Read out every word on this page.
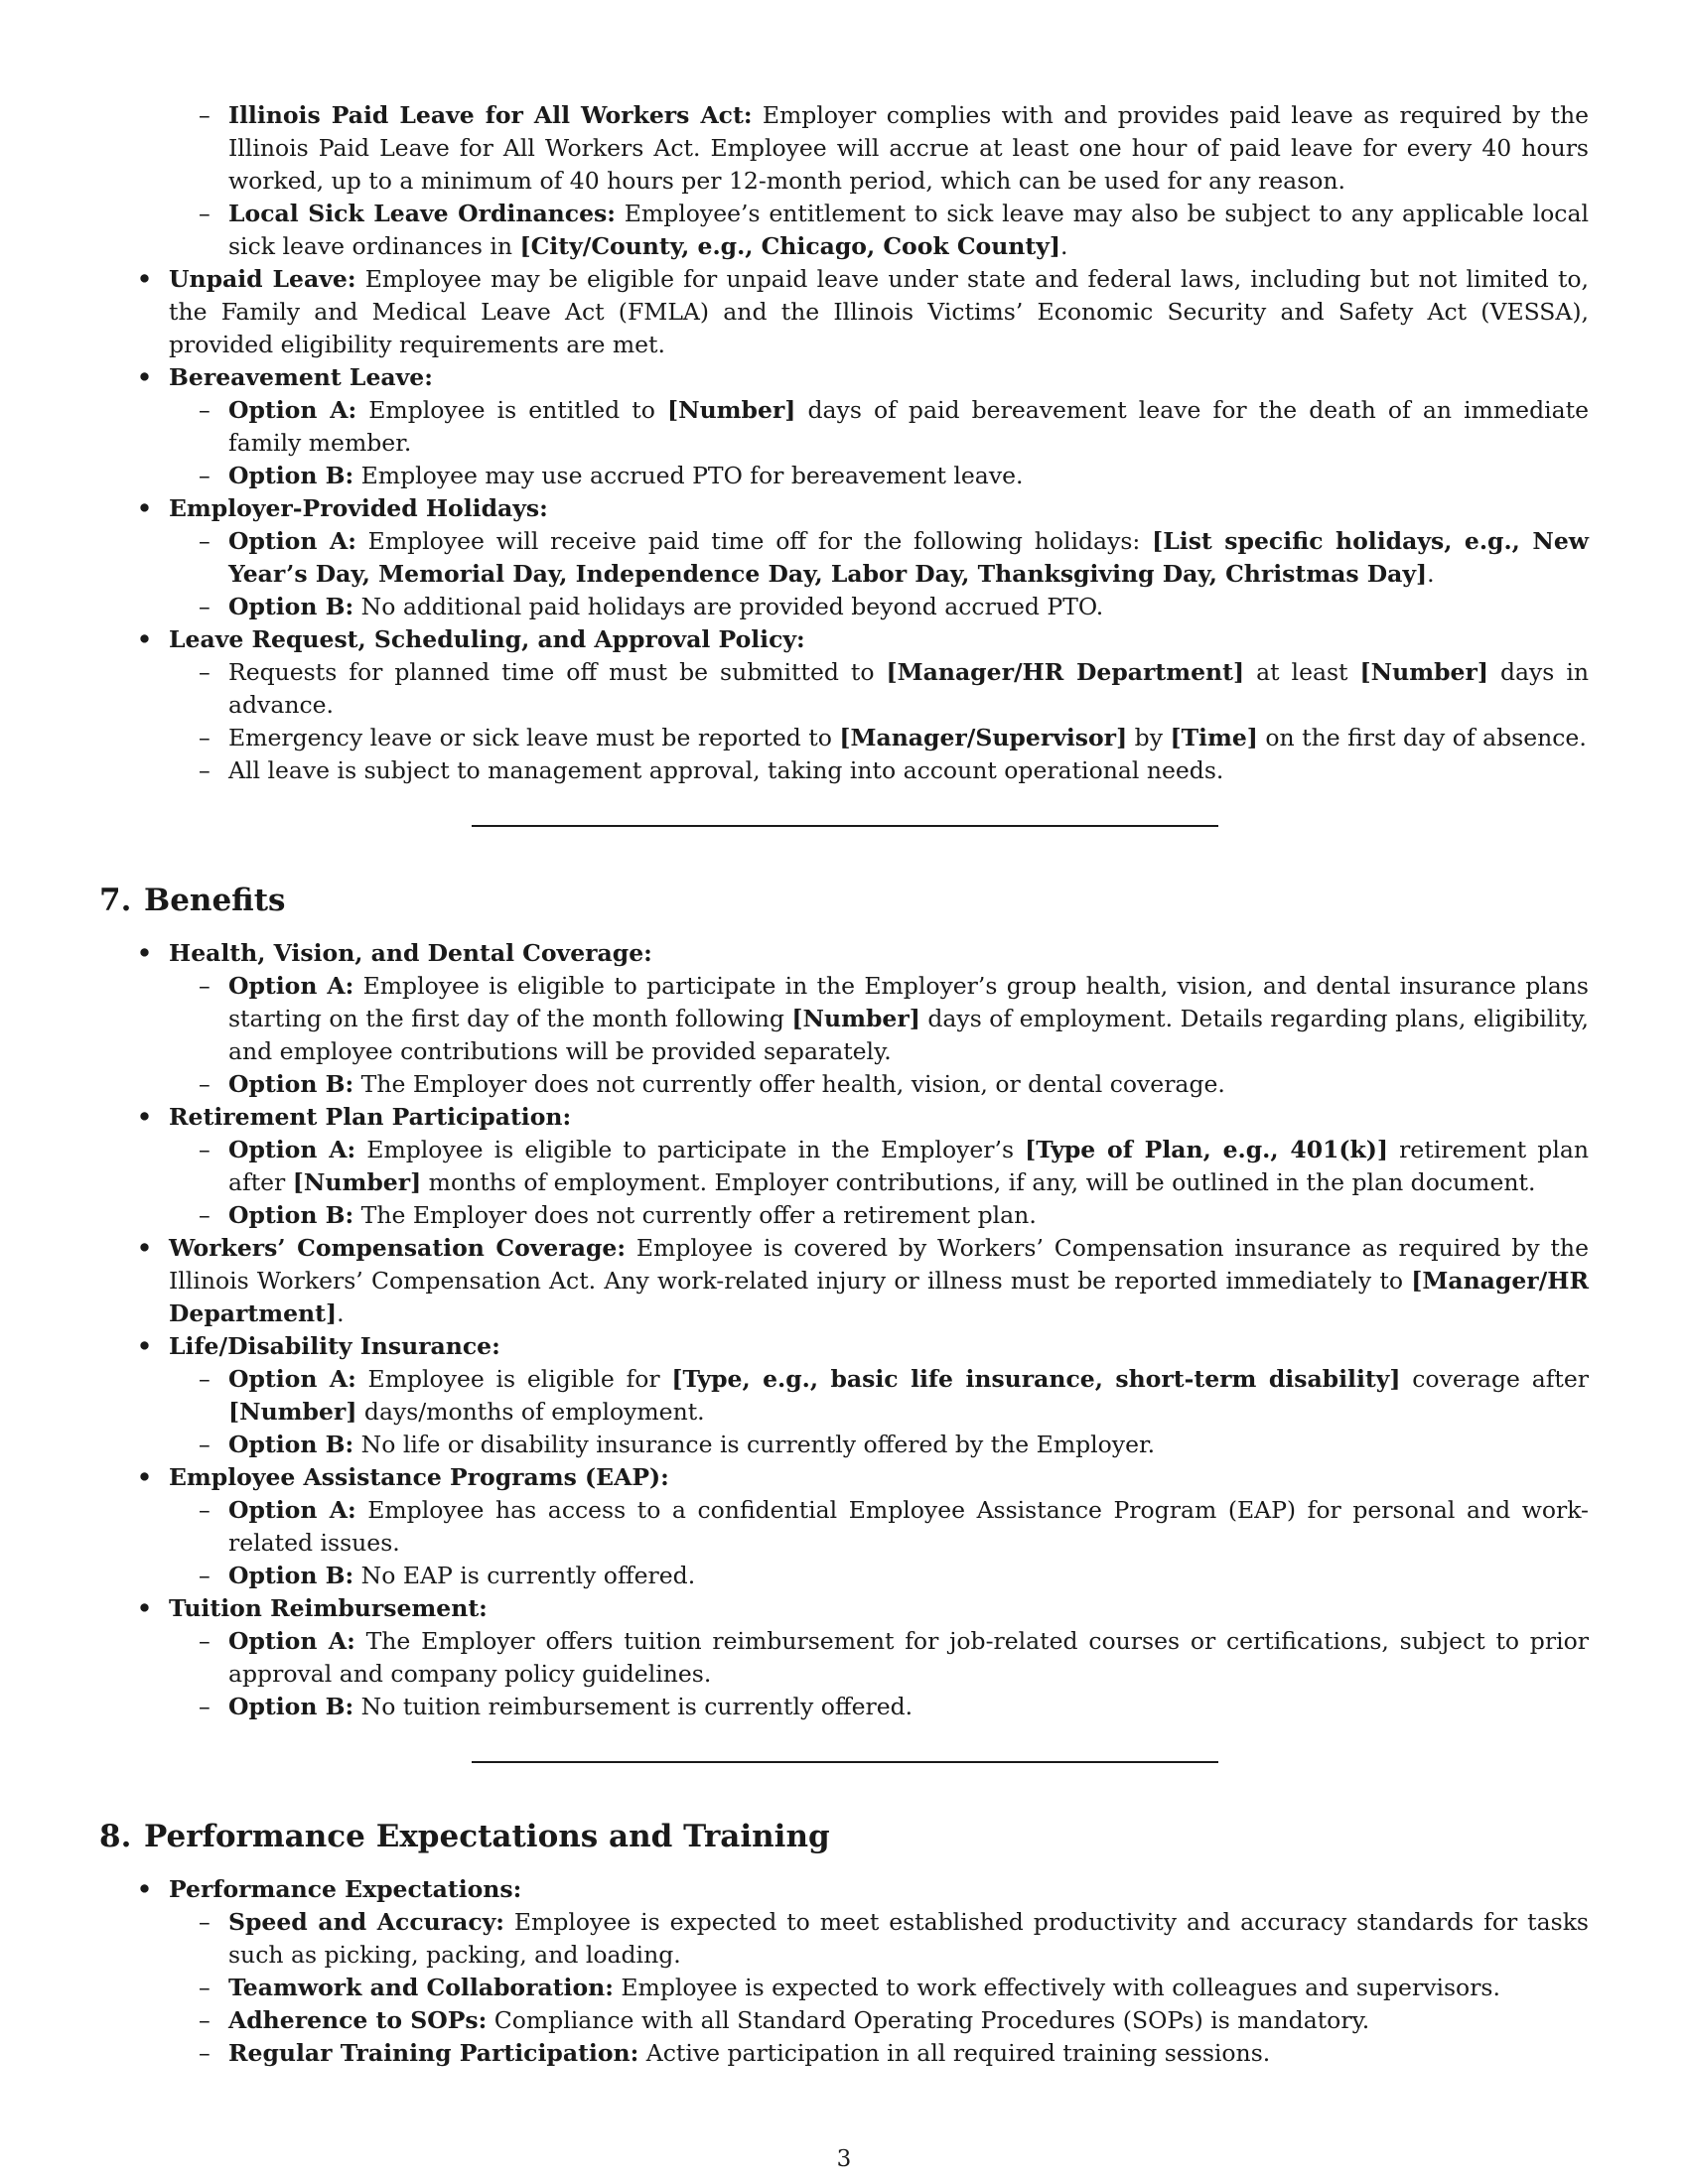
– Illinois Paid Leave for All Workers Act: Employer complies with and provides paid leave as required by the Illinois Paid Leave for All Workers Act. Employee will accrue at least one hour of paid leave for every 40 hours worked, up to a minimum of 40 hours per 12-month period, which can be used for any reason.
– Local Sick Leave Ordinances: Employee’s entitlement to sick leave may also be subject to any applicable local sick leave ordinances in [City/County, e.g., Chicago, Cook County].
• Unpaid Leave: Employee may be eligible for unpaid leave under state and federal laws, including but not limited to, the Family and Medical Leave Act (FMLA) and the Illinois Victims’ Economic Security and Safety Act (VESSA), provided eligibility requirements are met.
• Bereavement Leave:
– Option A: Employee is entitled to [Number] days of paid bereavement leave for the death of an immediate family member.
– Option B: Employee may use accrued PTO for bereavement leave.
• Employer-Provided Holidays:
– Option A: Employee will receive paid time off for the following holidays: [List specific holidays, e.g., New Year’s Day, Memorial Day, Independence Day, Labor Day, Thanksgiving Day, Christmas Day].
– Option B: No additional paid holidays are provided beyond accrued PTO.
• Leave Request, Scheduling, and Approval Policy:
– Requests for planned time off must be submitted to [Manager/HR Department] at least [Number] days in advance.
– Emergency leave or sick leave must be reported to [Manager/Supervisor] by [Time] on the first day of absence.
– All leave is subject to management approval, taking into account operational needs.
7. Benefits
• Health, Vision, and Dental Coverage:
– Option A: Employee is eligible to participate in the Employer’s group health, vision, and dental insurance plans starting on the first day of the month following [Number] days of employment. Details regarding plans, eligibility, and employee contributions will be provided separately.
– Option B: The Employer does not currently offer health, vision, or dental coverage.
• Retirement Plan Participation:
– Option A: Employee is eligible to participate in the Employer’s [Type of Plan, e.g., 401(k)] retirement plan after [Number] months of employment. Employer contributions, if any, will be outlined in the plan document.
– Option B: The Employer does not currently offer a retirement plan.
• Workers’ Compensation Coverage: Employee is covered by Workers’ Compensation insurance as required by the Illinois Workers’ Compensation Act. Any work-related injury or illness must be reported immediately to [Manager/HR Department].
• Life/Disability Insurance:
– Option A: Employee is eligible for [Type, e.g., basic life insurance, short-term disability] coverage after [Number] days/months of employment.
– Option B: No life or disability insurance is currently offered by the Employer.
• Employee Assistance Programs (EAP):
– Option A: Employee has access to a confidential Employee Assistance Program (EAP) for personal and work-related issues.
– Option B: No EAP is currently offered.
• Tuition Reimbursement:
– Option A: The Employer offers tuition reimbursement for job-related courses or certifications, subject to prior approval and company policy guidelines.
– Option B: No tuition reimbursement is currently offered.
8. Performance Expectations and Training
• Performance Expectations:
– Speed and Accuracy: Employee is expected to meet established productivity and accuracy standards for tasks such as picking, packing, and loading.
– Teamwork and Collaboration: Employee is expected to work effectively with colleagues and supervisors.
– Adherence to SOPs: Compliance with all Standard Operating Procedures (SOPs) is mandatory.
– Regular Training Participation: Active participation in all required training sessions.
3
